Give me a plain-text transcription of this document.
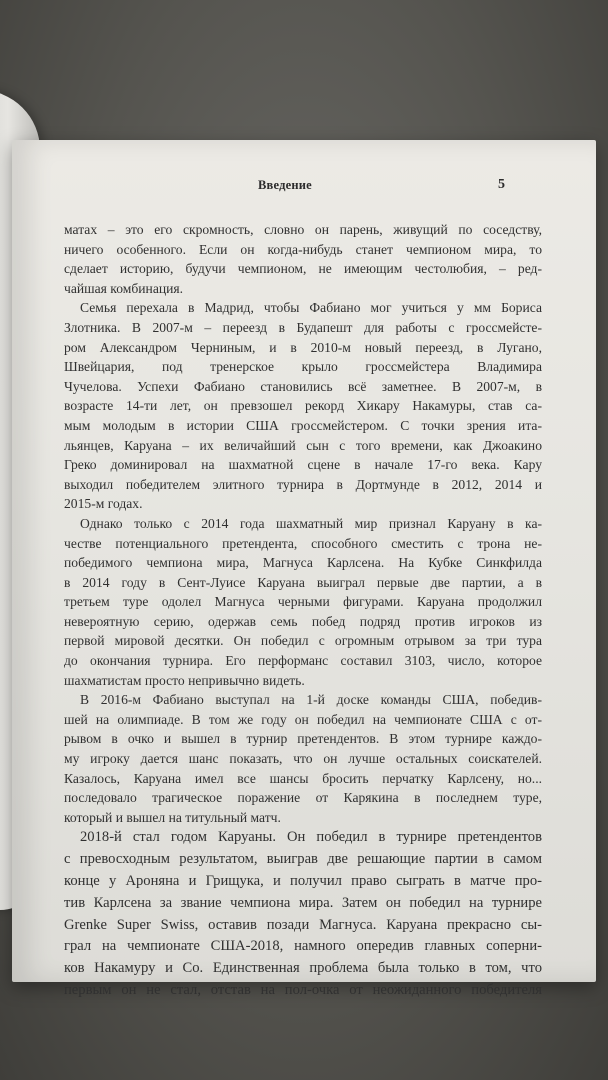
Введение	5

матах – это его скромность, словно он парень, живущий по соседству,
ничего особенного. Если он когда-нибудь станет чемпионом мира, то
сделает историю, будучи чемпионом, не имеющим честолюбия, – ред-
чайшая комбинация.

Семья перехала в Мадрид, чтобы Фабиано мог учиться у мм Бориса
Злотника. В 2007-м – переезд в Будапешт для работы с гроссмейсте-
ром Александром Черниным, и в 2010-м новый переезд, в Лугано,
Швейцария, под тренерское крыло гроссмейстера Владимира
Чучелова. Успехи Фабиано становились всё заметнее. В 2007-м, в
возрасте 14-ти лет, он превзошел рекорд Хикару Накамуры, став са-
мым молодым в истории США гроссмейстером. С точки зрения ита-
льянцев, Каруана – их величайший сын с того времени, как Джоакино
Греко доминировал на шахматной сцене в начале 17-го века. Кару
выходил победителем элитного турнира в Дортмунде в 2012, 2014 и
2015-м годах.

Однако только с 2014 года шахматный мир признал Каруану в ка-
честве потенциального претендента, способного сместить с трона не-
победимого чемпиона мира, Магнуса Карлсена. На Кубке Синкфилда
в 2014 году в Сент-Луисе Каруана выиграл первые две партии, а в
третьем туре одолел Магнуса черными фигурами. Каруана продолжил
невероятную серию, одержав семь побед подряд против игроков из
первой мировой десятки. Он победил с огромным отрывом за три тура
до окончания турнира. Его перформанс составил 3103, число, которое
шахматистам просто непривычно видеть.

В 2016-м Фабиано выступал на 1-й доске команды США, победив-
шей на олимпиаде. В том же году он победил на чемпионате США с от-
рывом в очко и вышел в турнир претендентов. В этом турнире каждо-
му игроку дается шанс показать, что он лучше остальных соискателей.
Казалось, Каруана имел все шансы бросить перчатку Карлсену, но...
последовало трагическое поражение от Карякина в последнем туре,
который и вышел на титульный матч.

2018-й стал годом Каруаны. Он победил в турнире претендентов
с превосходным результатом, выиграв две решающие партии в самом
конце у Ароняна и Грищука, и получил право сыграть в матче про-
тив Карлсена за звание чемпиона мира. Затем он победил на турнире
Grenke Super Swiss, оставив позади Магнуса. Каруана прекрасно сы-
грал на чемпионате США-2018, намного опередив главных соперни-
ков Накамуру и Со. Единственная проблема была только в том, что
первым он не стал, отстав на пол-очка от неожиданного победителя
